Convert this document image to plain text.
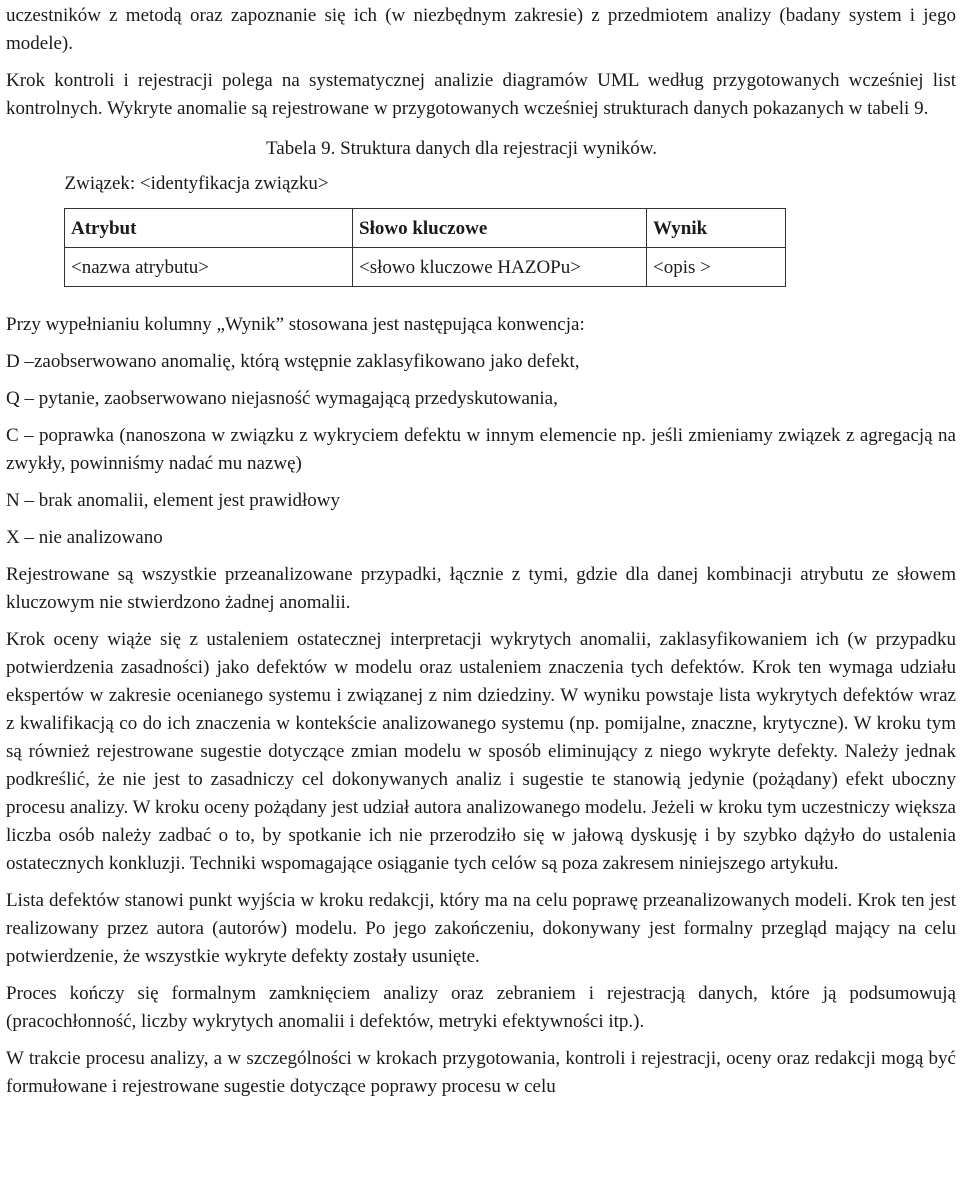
uczestników z metodą oraz zapoznanie się ich (w niezbędnym zakresie) z przedmiotem analizy (badany system i jego modele).

Krok kontroli i rejestracji polega na systematycznej analizie diagramów UML według przygotowanych wcześniej list kontrolnych. Wykryte anomalie są rejestrowane w przygotowanych wcześniej strukturach danych pokazanych w tabeli 9.

Tabela 9. Struktura danych dla rejestracji wyników.
Związek: <identyfikacja związku>		
Atrybut	Słowo kluczowe	Wynik
<nazwa atrybutu>	<słowo kluczowe HAZOPu>	<opis >

Przy wypełnianiu kolumny „Wynik” stosowana jest następująca konwencja:

D –zaobserwowano anomalię, którą wstępnie zaklasyfikowano jako defekt,

Q – pytanie, zaobserwowano niejasność wymagającą przedyskutowania,

C – poprawka (nanoszona w związku z wykryciem defektu w innym elemencie np. jeśli zmieniamy związek z agregacją na zwykły, powinniśmy nadać mu nazwę)

N – brak anomalii, element jest prawidłowy

X – nie analizowano

Rejestrowane są wszystkie przeanalizowane przypadki, łącznie z tymi, gdzie dla danej kombinacji atrybutu ze słowem kluczowym nie stwierdzono żadnej anomalii.

Krok oceny wiąże się z ustaleniem ostatecznej interpretacji wykrytych anomalii, zaklasyfikowaniem ich (w przypadku potwierdzenia zasadności) jako defektów w modelu oraz ustaleniem znaczenia tych defektów. Krok ten wymaga udziału ekspertów w zakresie ocenianego systemu i związanej z nim dziedziny. W wyniku powstaje lista wykrytych defektów wraz z kwalifikacją co do ich znaczenia w kontekście analizowanego systemu (np. pomijalne, znaczne, krytyczne). W kroku tym są również rejestrowane sugestie dotyczące zmian modelu w sposób eliminujący z niego wykryte defekty. Należy jednak podkreślić, że nie jest to zasadniczy cel dokonywanych analiz i sugestie te stanowią jedynie (pożądany) efekt uboczny procesu analizy. W kroku oceny pożądany jest udział autora analizowanego modelu. Jeżeli w kroku tym uczestniczy większa liczba osób należy zadbać o to, by spotkanie ich nie przerodziło się w jałową dyskusję i by szybko dążyło do ustalenia ostatecznych konkluzji. Techniki wspomagające osiąganie tych celów są poza zakresem niniejszego artykułu.

Lista defektów stanowi punkt wyjścia w kroku redakcji, który ma na celu poprawę przeanalizowanych modeli. Krok ten jest realizowany przez autora (autorów) modelu. Po jego zakończeniu, dokonywany jest formalny przegląd mający na celu potwierdzenie, że wszystkie wykryte defekty zostały usunięte.

Proces kończy się formalnym zamknięciem analizy oraz zebraniem i rejestracją danych, które ją podsumowują (pracochłonność, liczby wykrytych anomalii i defektów, metryki efektywności itp.).

W trakcie procesu analizy, a w szczególności w krokach przygotowania, kontroli i rejestracji, oceny oraz redakcji mogą być formułowane i rejestrowane sugestie dotyczące poprawy procesu w celu
